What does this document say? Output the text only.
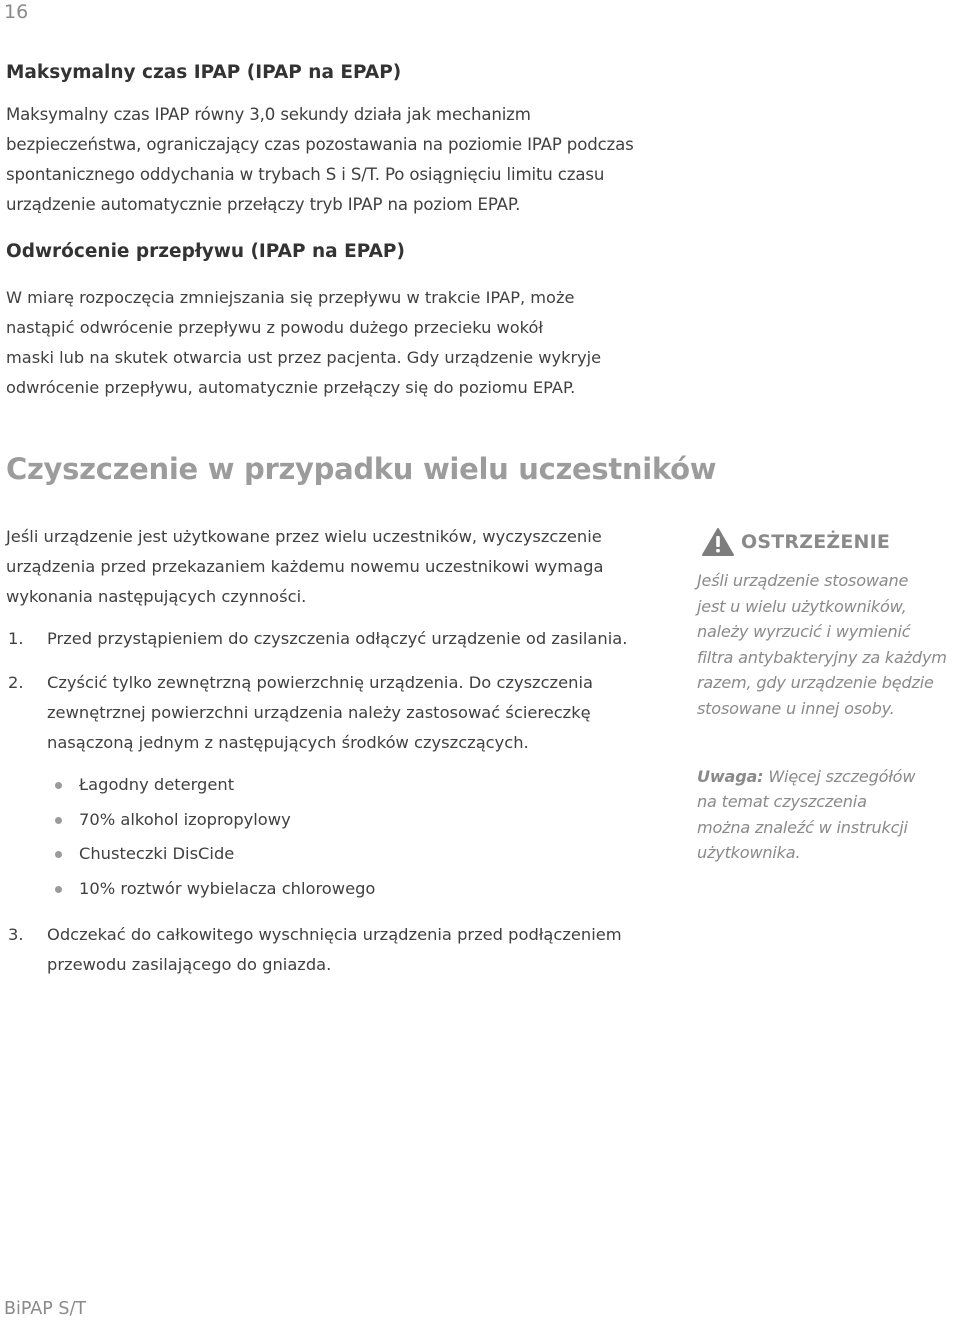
16
Maksymalny czas IPAP (IPAP na EPAP)

Maksymalny czas IPAP równy 3,0 sekundy działa jak mechanizm
bezpieczeństwa, ograniczający czas pozostawania na poziomie IPAP podczas
spontanicznego oddychania w trybach S i S/T. Po osiągnięciu limitu czasu
urządzenie automatycznie przełączy tryb IPAP na poziom EPAP.

Odwrócenie przepływu (IPAP na EPAP)

W miarę rozpoczęcia zmniejszania się przepływu w trakcie IPAP, może
nastąpić odwrócenie przepływu z powodu dużego przecieku wokół
maski lub na skutek otwarcia ust przez pacjenta. Gdy urządzenie wykryje
odwrócenie przepływu, automatycznie przełączy się do poziomu EPAP.

Czyszczenie w przypadku wielu uczestników

Jeśli urządzenie jest użytkowane przez wielu uczestników, wyczyszczenie
urządzenia przed przekazaniem każdemu nowemu uczestnikowi wymaga
wykonania następujących czynności.

1. Przed przystąpieniem do czyszczenia odłączyć urządzenie od zasilania.
2. Czyścić tylko zewnętrzną powierzchnię urządzenia. Do czyszczenia
zewnętrznej powierzchni urządzenia należy zastosować ściereczkę
nasączoną jednym z następujących środków czyszczących.
Łagodny detergent
70% alkohol izopropylowy
Chusteczki DisCide
10% roztwór wybielacza chlorowego
3. Odczekać do całkowitego wyschnięcia urządzenia przed podłączeniem
przewodu zasilającego do gniazda.
OSTRZEŻENIE

Jeśli urządzenie stosowane
jest u wielu użytkowników,
należy wyrzucić i wymienić
filtra antybakteryjny za każdym
razem, gdy urządzenie będzie
stosowane u innej osoby.

Uwaga: Więcej szczegółów
na temat czyszczenia
można znaleźć w instrukcji
użytkownika.

BiPAP S/T
